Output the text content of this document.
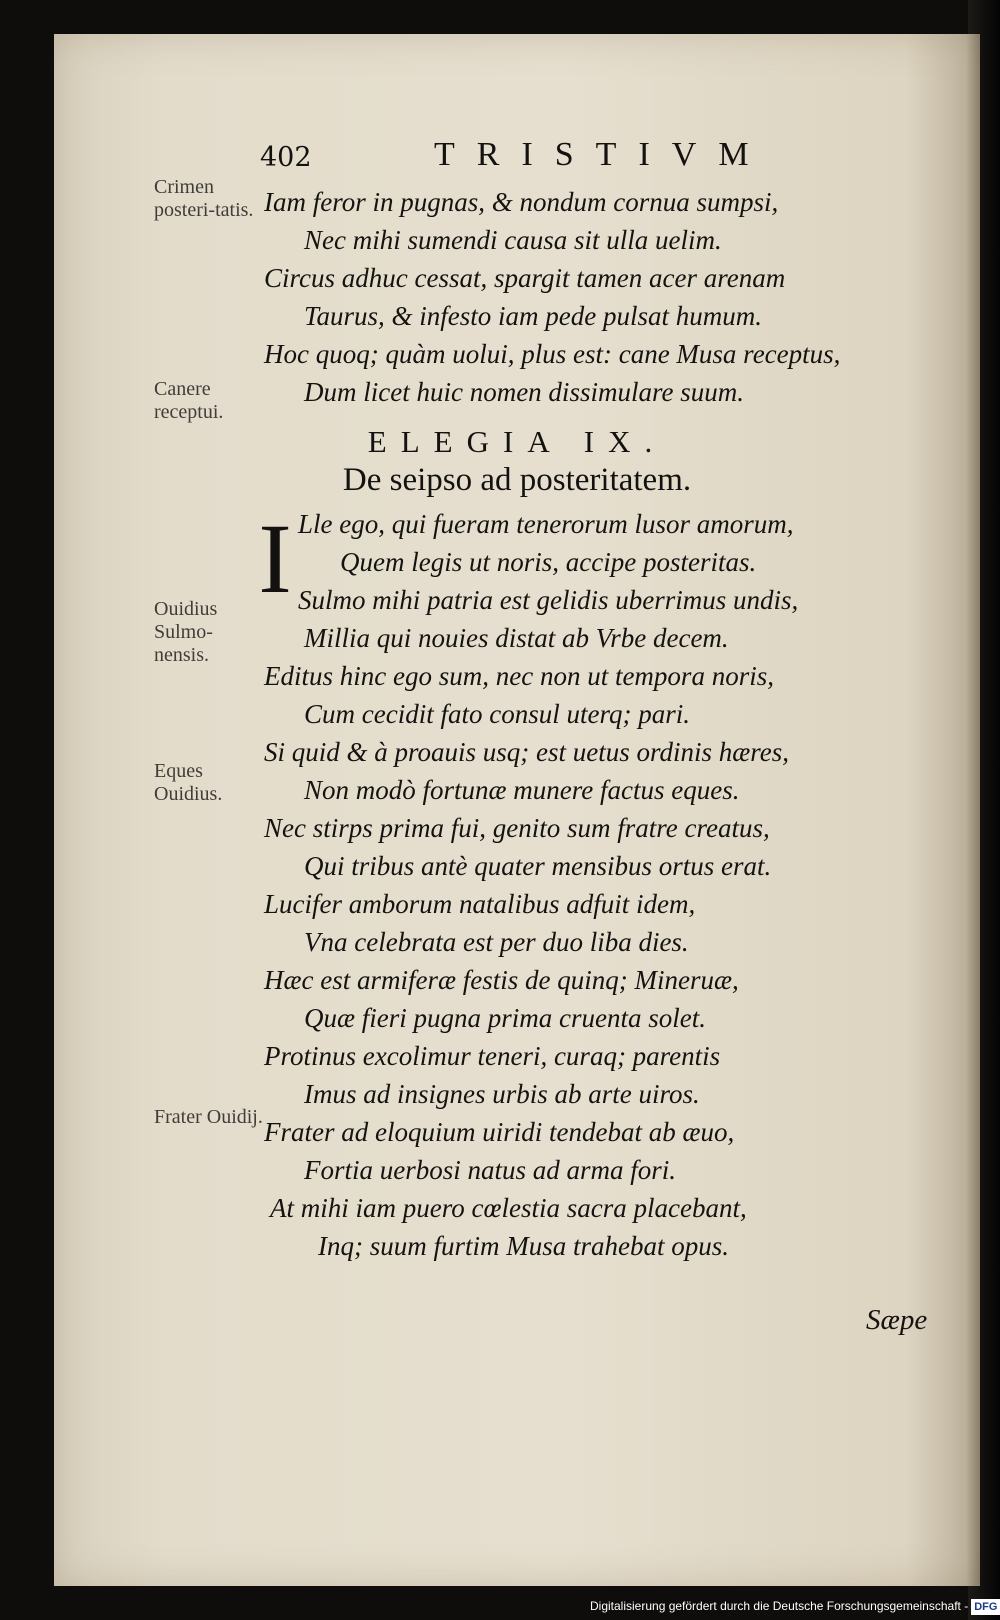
402	TRISTIVM
Crimen posteri-tatis.
Canere receptui.
Ouidius Sulmo-nensis.
Eques Ouidius.
Frater Ouidij.
Iam feror in pugnas, & nondum cornua sumpsi,
Nec mihi sumendi causa sit ulla uelim.
Circus adhuc cessat, spargit tamen acer arenam
Taurus, & infesto iam pede pulsat humum.
Hoc quoq; quàm uolui, plus est: cane Musa receptus,
Dum licet huic nomen dissimulare suum.
ELEGIA IX.
De seipso ad posteritatem.
I Lle ego, qui fueram tenerorum lusor amorum,
Quem legis ut noris, accipe posteritas.
Sulmo mihi patria est gelidis uberrimus undis,
Millia qui nouies distat ab Vrbe decem.
Editus hinc ego sum, nec non ut tempora noris,
Cum cecidit fato consul uterq; pari.
Si quid & à proauis usq; est uetus ordinis hæres,
Non modò fortunæ munere factus eques.
Nec stirps prima fui, genito sum fratre creatus,
Qui tribus antè quater mensibus ortus erat.
Lucifer amborum natalibus adfuit idem,
Vna celebrata est per duo liba dies.
Hæc est armiferæ festis de quinq; Mineruæ,
Quæ fieri pugna prima cruenta solet.
Protinus excolimur teneri, curaq; parentis
Imus ad insignes urbis ab arte uiros.
Frater ad eloquium uiridi tendebat ab æuo,
Fortia uerbosi natus ad arma fori.
At mihi iam puero cœlestia sacra placebant,
Inq; suum furtim Musa trahebat opus.
Sæpe
Digitalisierung gefördert durch die Deutsche Forschungsgemeinschaft - DFG
